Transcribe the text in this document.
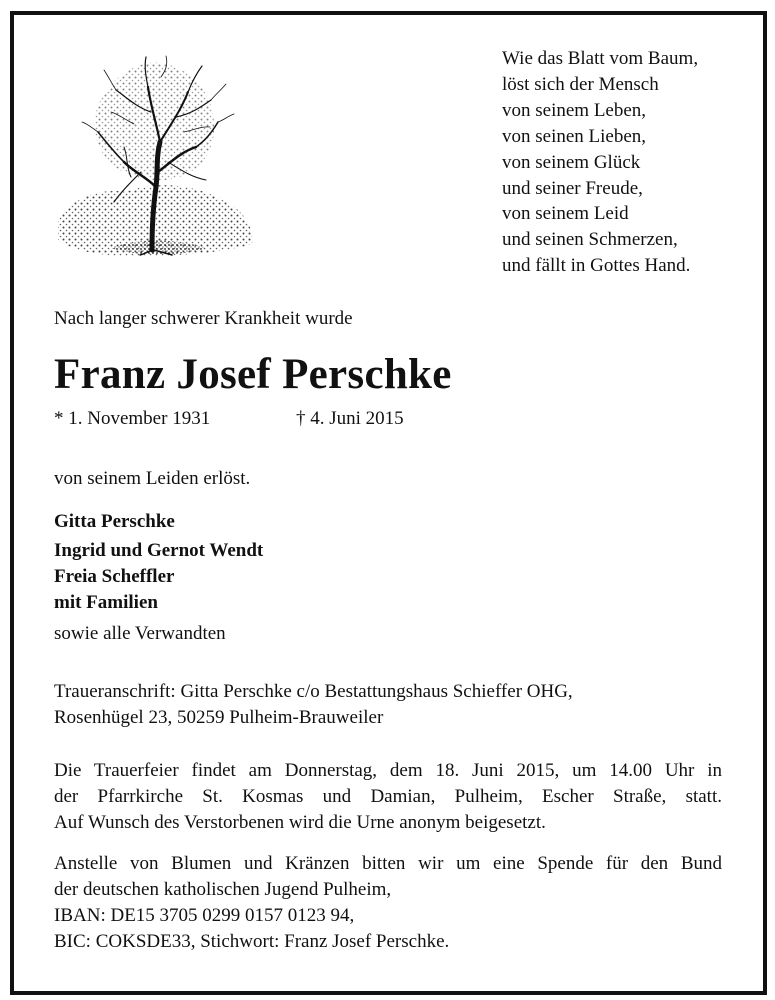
Wie das Blatt vom Baum,
löst sich der Mensch
von seinem Leben,
von seinen Lieben,
von seinem Glück
und seiner Freude,
von seinem Leid
und seinen Schmerzen,
und fällt in Gottes Hand.
Nach langer schwerer Krankheit wurde
Franz Josef Perschke
* 1. November 1931	† 4. Juni 2015
von seinem Leiden erlöst.
Gitta Perschke
Ingrid und Gernot Wendt
Freia Scheffler
mit Familien
sowie alle Verwandten
Traueranschrift: Gitta Perschke c/o Bestattungshaus Schieffer OHG,
Rosenhügel 23, 50259 Pulheim-Brauweiler
Die Trauerfeier findet am Donnerstag, dem 18. Juni 2015, um 14.00 Uhr in
der Pfarrkirche St. Kosmas und Damian, Pulheim, Escher Straße, statt.
Auf Wunsch des Verstorbenen wird die Urne anonym beigesetzt.
Anstelle von Blumen und Kränzen bitten wir um eine Spende für den Bund
der deutschen katholischen Jugend Pulheim,
IBAN: DE15 3705 0299 0157 0123 94,
BIC: COKSDE33, Stichwort: Franz Josef Perschke.
